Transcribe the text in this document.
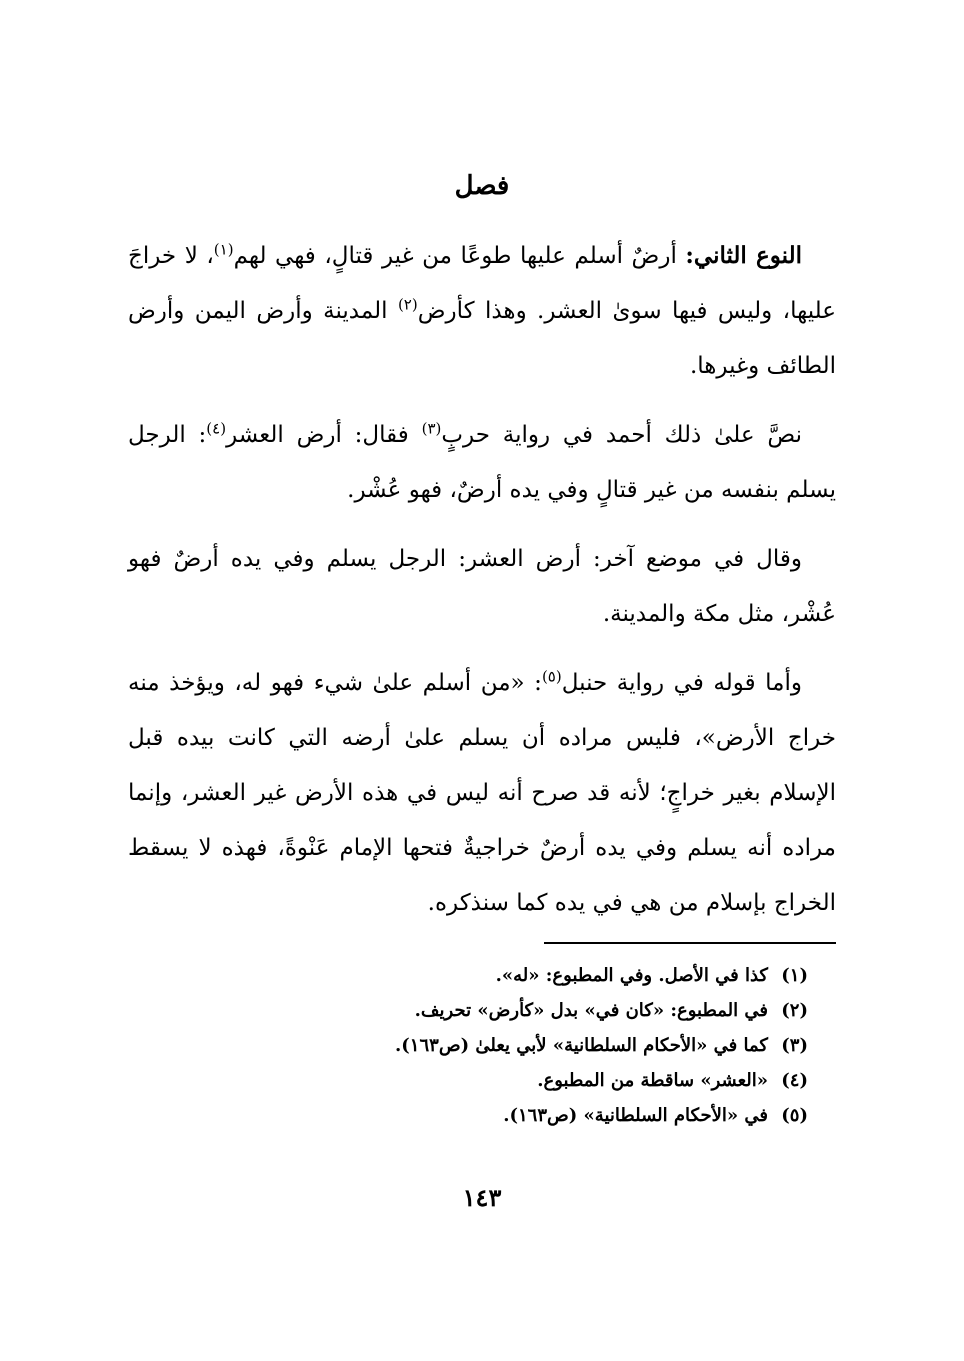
فصل

النوع الثاني: أرضٌ أسلم عليها طوعًا من غير قتالٍ، فهي لهم$^{(١)}$، لا خراجَ عليها، وليس فيها سوىٰ العشر. وهذا كأرض$^{(٢)}$ المدينة وأرض اليمن وأرض الطائف وغيرها.

نصَّ علىٰ ذلك أحمد في رواية حربٍ$^{(٣)}$ فقال: أرض العشر$^{(٤)}$: الرجل يسلم بنفسه من غير قتالٍ وفي يده أرضٌ، فهو عُشْر.

وقال في موضع آخر: أرض العشر: الرجل يسلم وفي يده أرضٌ فهو عُشْر، مثل مكة والمدينة.

وأما قوله في رواية حنبل$^{(٥)}$: «من أسلم علىٰ شيء فهو له، ويؤخذ منه خراج الأرض»، فليس مراده أن يسلم علىٰ أرضه التي كانت بيده قبل الإسلام بغير خراجٍ؛ لأنه قد صرح أنه ليس في هذه الأرض غير العشر، وإنما مراده أنه يسلم وفي يده أرضٌ خراجيةٌ فتحها الإمام عَنْوةً، فهذه لا يسقط الخراج بإسلام من هي في يده كما سنذكره.

(١)كذا في الأصل. وفي المطبوع: «له».
(٢)في المطبوع: «كان في» بدل «كأرض» تحريف.
(٣)كما في «الأحكام السلطانية» لأبي يعلىٰ (ص١٦٣).
(٤)«العشر» ساقطة من المطبوع.
(٥)في «الأحكام السلطانية» (ص١٦٣).
١٤٣
